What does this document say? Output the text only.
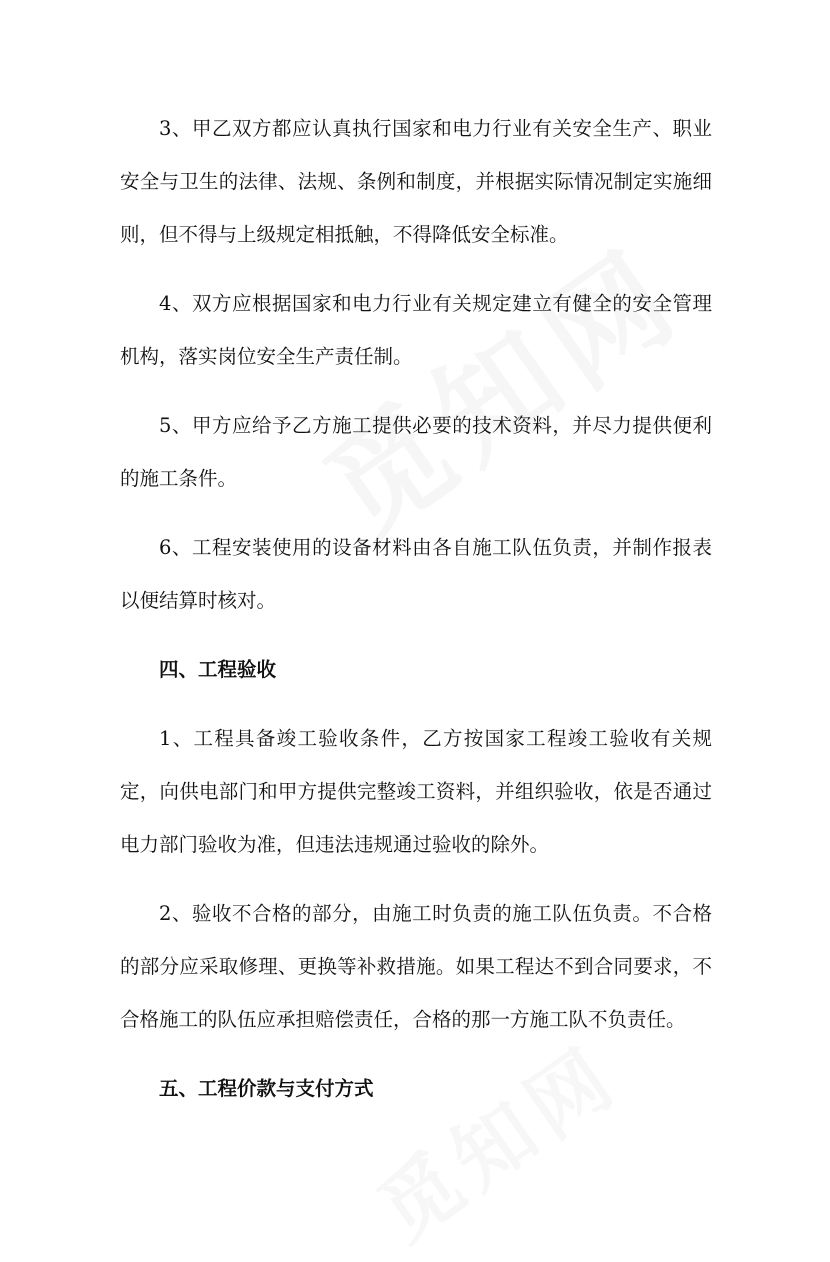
3、甲乙双方都应认真执行国家和电力行业有关安全生产、职业安全与卫生的法律、法规、条例和制度，并根据实际情况制定实施细则，但不得与上级规定相抵触，不得降低安全标准。

4、双方应根据国家和电力行业有关规定建立有健全的安全管理机构，落实岗位安全生产责任制。

5、甲方应给予乙方施工提供必要的技术资料，并尽力提供便利的施工条件。

6、工程安装使用的设备材料由各自施工队伍负责，并制作报表以便结算时核对。

四、工程验收

1、工程具备竣工验收条件，乙方按国家工程竣工验收有关规定，向供电部门和甲方提供完整竣工资料，并组织验收，依是否通过电力部门验收为准，但违法违规通过验收的除外。

2、验收不合格的部分，由施工时负责的施工队伍负责。不合格的部分应采取修理、更换等补救措施。如果工程达不到合同要求，不合格施工的队伍应承担赔偿责任，合格的那一方施工队不负责任。

五、工程价款与支付方式
